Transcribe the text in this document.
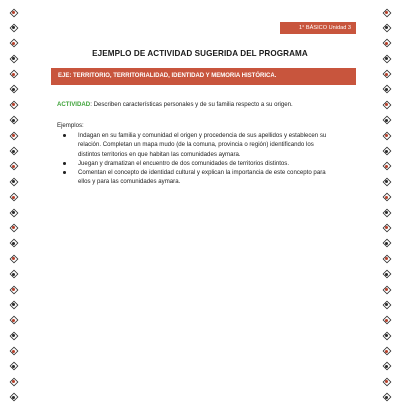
1° BÁSICO Unidad 3
EJEMPLO DE ACTIVIDAD SUGERIDA DEL PROGRAMA
EJE: TERRITORIO, TERRITORIALIDAD, IDENTIDAD Y MEMORIA HISTÓRICA.
ACTIVIDAD: Describen características personales y de su familia respecto a su origen.
Ejemplos:
Indagan en su familia y comunidad el origen y procedencia de sus apellidos y establecen su
relación. Completan un mapa mudo (de la comuna, provincia o región) identificando los
distintos territorios en que habitan las comunidades aymara.
Juegan y dramatizan el encuentro de dos comunidades de territorios distintos.
Comentan el concepto de identidad cultural y explican la importancia de este concepto para
ellos y para las comunidades aymara.
